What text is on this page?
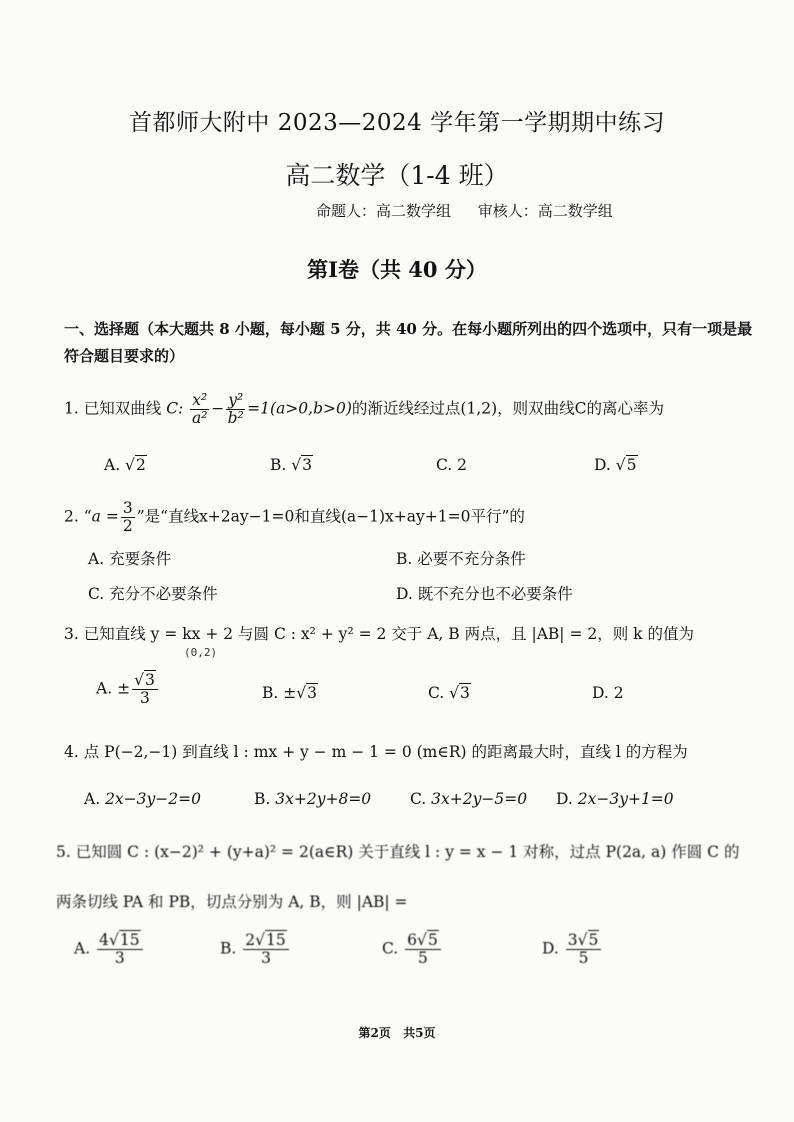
首都师大附中 2023—2024 学年第一学期期中练习
高二数学（1-4 班）
命题人：高二数学组 审核人：高二数学组
第Ⅰ卷（共 40 分）
一、选择题（本大题共 8 小题，每小题 5 分，共 40 分。在每小题所列出的四个选项中，只有一项是最符合题目要求的）
1. 已知双曲线 C: $\frac{\text{x²}}{\text{a²}} - \frac{\text{y²}}{\text{b²}} =1(a>0,b>0)$的渐近线经过点(1,2)，则双曲线C的离心率为
A. √2	B. √3	C. 2	D. √5
2. “$a = \frac{3}{2}$ ”是“直线x+2ay−1=0和直线(a−1)x+ay+1=0平行”的
A. 充要条件	B. 必要不充分条件
C. 充分不必要条件	D. 既不充分也不必要条件
3. 已知直线 y = kx + 2 与圆 C : x² + y² = 2 交于 A, B 两点，且 |AB| = 2，则 k 的值为
(0,2)
A. ± $\frac{√3}{3}$	B. ±√3	C. √3	D. 2
4. 点 P(−2,−1) 到直线 l : mx + y − m − 1 = 0 (m∈R) 的距离最大时，直线 l 的方程为
A. 2x−3y−2=0	B. 3x+2y+8=0	C. 3x+2y−5=0 D. 2x−3y+1=0
5. 已知圆 C : (x−2)² + (y+a)² = 2(a∈R) 关于直线 l : y = x − 1 对称，过点 P(2a, a) 作圆 C 的
两条切线 PA 和 PB，切点分别为 A, B，则 |AB| =
A. $\frac{4√15}{3}$	B. $\frac{2√15}{3}$	C. $\frac{6√5}{5}$	D. $\frac{3√5}{5}$
第2页 共5页
